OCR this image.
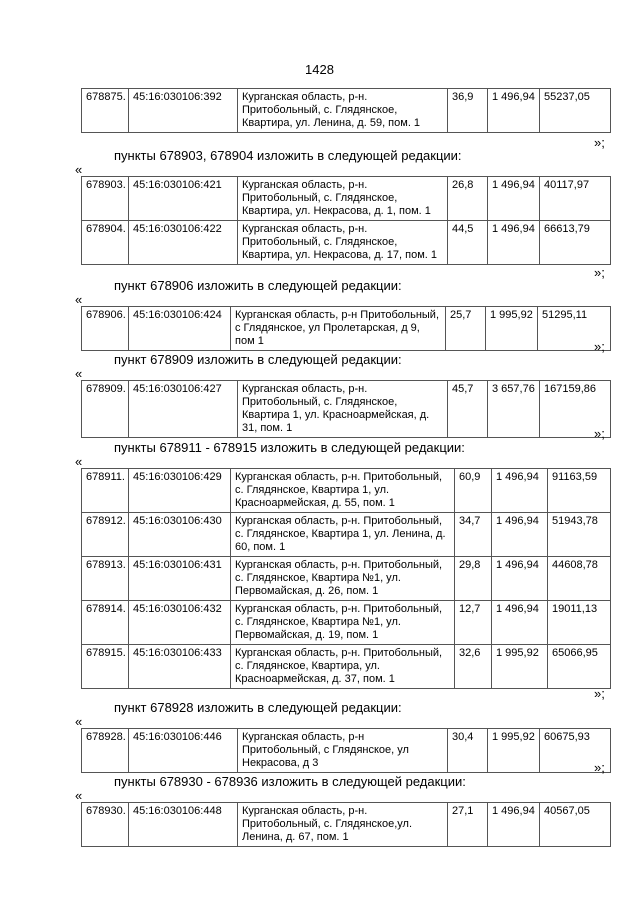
1428
678875.	45:16:030106:392	Курганская область, р-н. Притобольный, с. Глядянское, Квартира, ул. Ленина, д. 59, пом. 1	36,9	1 496,94	55237,05
»;
пункты 678903, 678904 изложить в следующей редакции:
«
678903.	45:16:030106:421	Курганская область, р-н. Притобольный, с. Глядянское, Квартира, ул. Некрасова, д. 1, пом. 1	26,8	1 496,94	40117,97
678904.	45:16:030106:422	Курганская область, р-н. Притобольный, с. Глядянское, Квартира, ул. Некрасова, д. 17, пом. 1	44,5	1 496,94	66613,79
»;
пункт 678906 изложить в следующей редакции:
«
678906.	45:16:030106:424	Курганская область, р-н Притобольный, с Глядянское, ул Пролетарская, д 9, пом 1	25,7	1 995,92	51295,11
»;
пункт 678909 изложить в следующей редакции:
«
678909.	45:16:030106:427	Курганская область, р-н. Притобольный, с. Глядянское, Квартира 1, ул. Красноармейская, д. 31, пом. 1	45,7	3 657,76	167159,86
»;
пункты 678911 - 678915 изложить в следующей редакции:
«
678911.	45:16:030106:429	Курганская область, р-н. Притобольный, с. Глядянское, Квартира 1, ул. Красноармейская, д. 55, пом. 1	60,9	1 496,94	91163,59
678912.	45:16:030106:430	Курганская область, р-н. Притобольный, с. Глядянское, Квартира 1, ул. Ленина, д. 60, пом. 1	34,7	1 496,94	51943,78
678913.	45:16:030106:431	Курганская область, р-н. Притобольный, с. Глядянское, Квартира №1, ул. Первомайская, д. 26, пом. 1	29,8	1 496,94	44608,78
678914.	45:16:030106:432	Курганская область, р-н. Притобольный, с. Глядянское, Квартира №1, ул. Первомайская, д. 19, пом. 1	12,7	1 496,94	19011,13
678915.	45:16:030106:433	Курганская область, р-н. Притобольный, с. Глядянское, Квартира, ул. Красноармейская, д. 37, пом. 1	32,6	1 995,92	65066,95
»;
пункт 678928 изложить в следующей редакции:
«
678928.	45:16:030106:446	Курганская область, р-н Притобольный, с Глядянское, ул Некрасова, д 3	30,4	1 995,92	60675,93
»;
пункты 678930 - 678936 изложить в следующей редакции:
«
678930.	45:16:030106:448	Курганская область, р-н. Притобольный, с. Глядянское,ул. Ленина, д. 67, пом. 1	27,1	1 496,94	40567,05
